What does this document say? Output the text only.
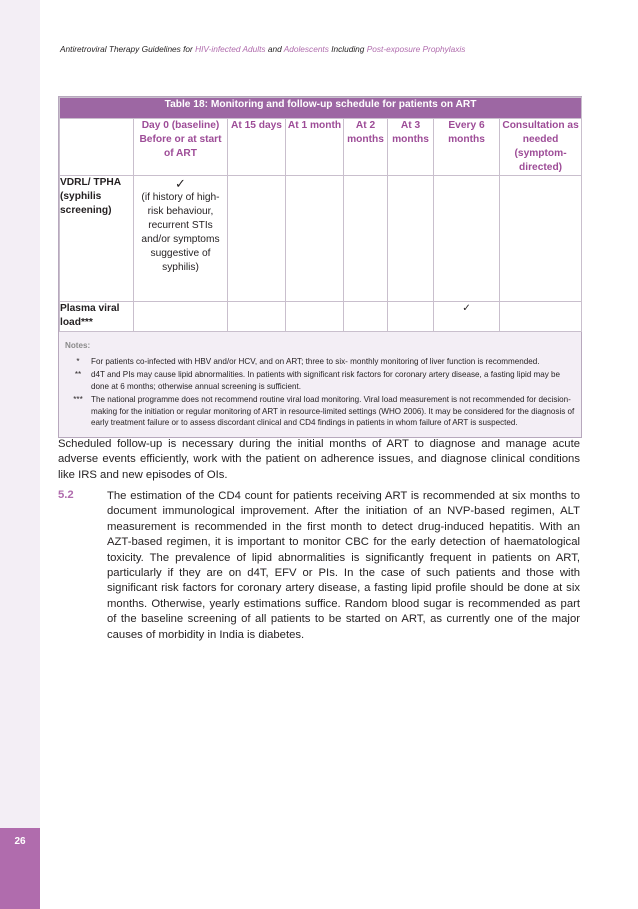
26
Antiretroviral Therapy Guidelines for HIV-infected Adults and Adolescents Including Post-exposure Prophylaxis
Table 18: Monitoring and follow-up schedule for patients on ART							
	Day 0 (baseline) Before or at start of ART	At 15 days	At 1 month	At 2 months	At 3 months	Every 6 months	Consultation as needed (symptom-directed)
VDRL/ TPHA (syphilis screening)	✓
(if history of high-risk behaviour, recurrent STIs and/or symptoms suggestive of syphilis)						
Plasma viral load***						✓	
Notes:
*	For patients co-infected with HBV and/or HCV, and on ART; three to six- monthly monitoring of liver function is recommended.
**	d4T and PIs may cause lipid abnormalities. In patients with significant risk factors for coronary artery disease, a fasting lipid may be done at 6 months; otherwise annual screening is sufficient.
***	The national programme does not recommend routine viral load monitoring. Viral load measurement is not recommended for decision-making for the initiation or regular monitoring of ART in resource-limited settings (WHO 2006). It may be considered for the diagnosis of early treatment failure or to assess discordant clinical and CD4 findings in patients in whom failure of ART is suspected.
Scheduled follow-up is necessary during the initial months of ART to diagnose and manage acute adverse events efficiently, work with the patient on adherence issues, and diagnose clinical conditions like IRS and new episodes of OIs.
5.2	The estimation of the CD4 count for patients receiving ART is recommended at six months to document immunological improvement. After the initiation of an NVP-based regimen, ALT measurement is recommended in the first month to detect drug-induced hepatitis. With an AZT-based regimen, it is important to monitor CBC for the early detection of haematological toxicity. The prevalence of lipid abnormalities is significantly frequent in patients on ART, particularly if they are on d4T, EFV or PIs. In the case of such patients and those with significant risk factors for coronary artery disease, a fasting lipid profile should be done at six months. Otherwise, yearly estimations suffice. Random blood sugar is recommended as part of the baseline screening of all patients to be started on ART, as currently one of the major causes of morbidity in India is diabetes.
